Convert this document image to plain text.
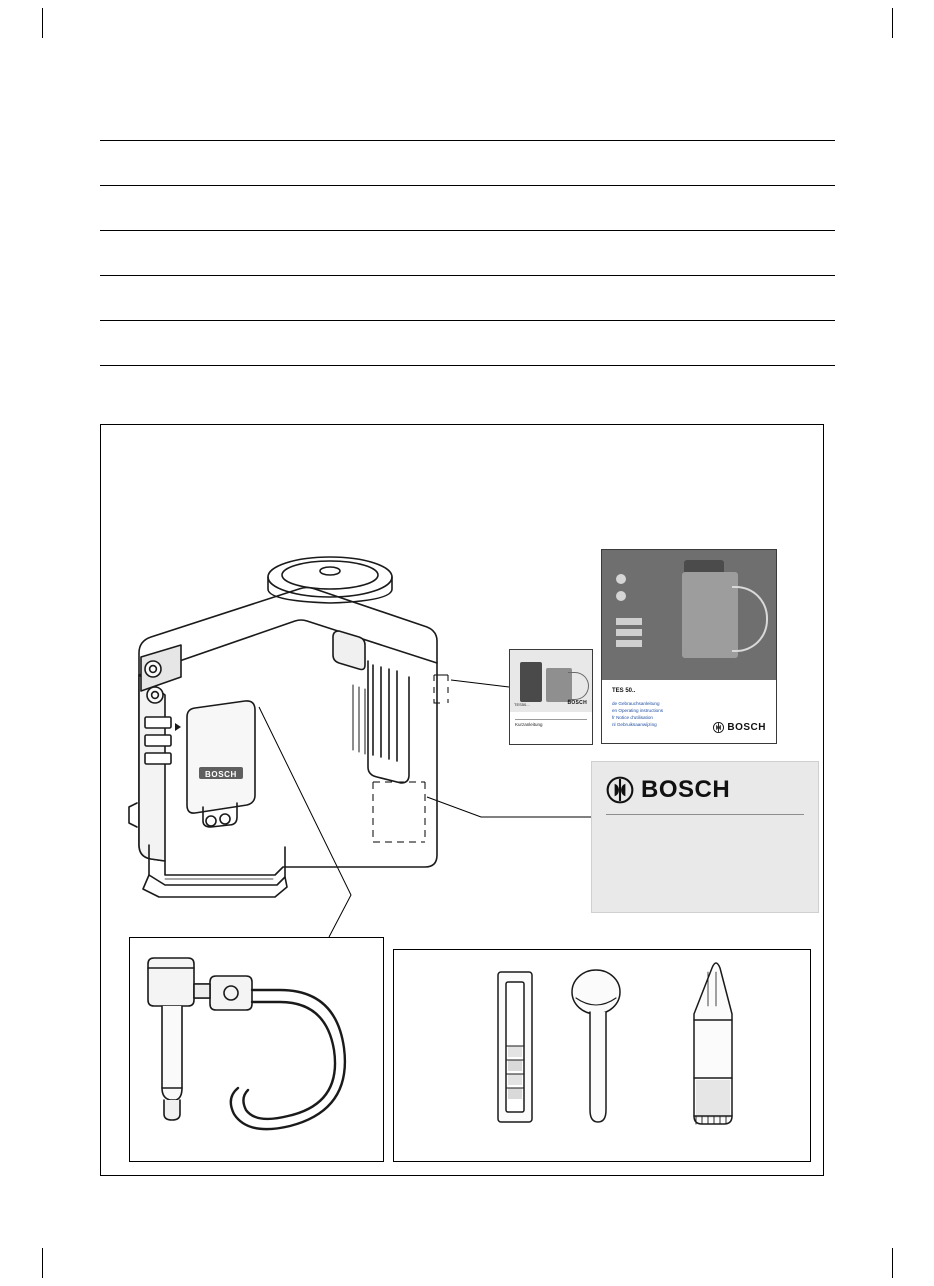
BOSCH
TES50...	BOSCH
Kurzanleitung
TES 50..
de Gebrauchsanleitung
en Operating instructions
fr Notice d'utilisation
nl Gebruiksaanwijzing	BOSCH
BOSCH
